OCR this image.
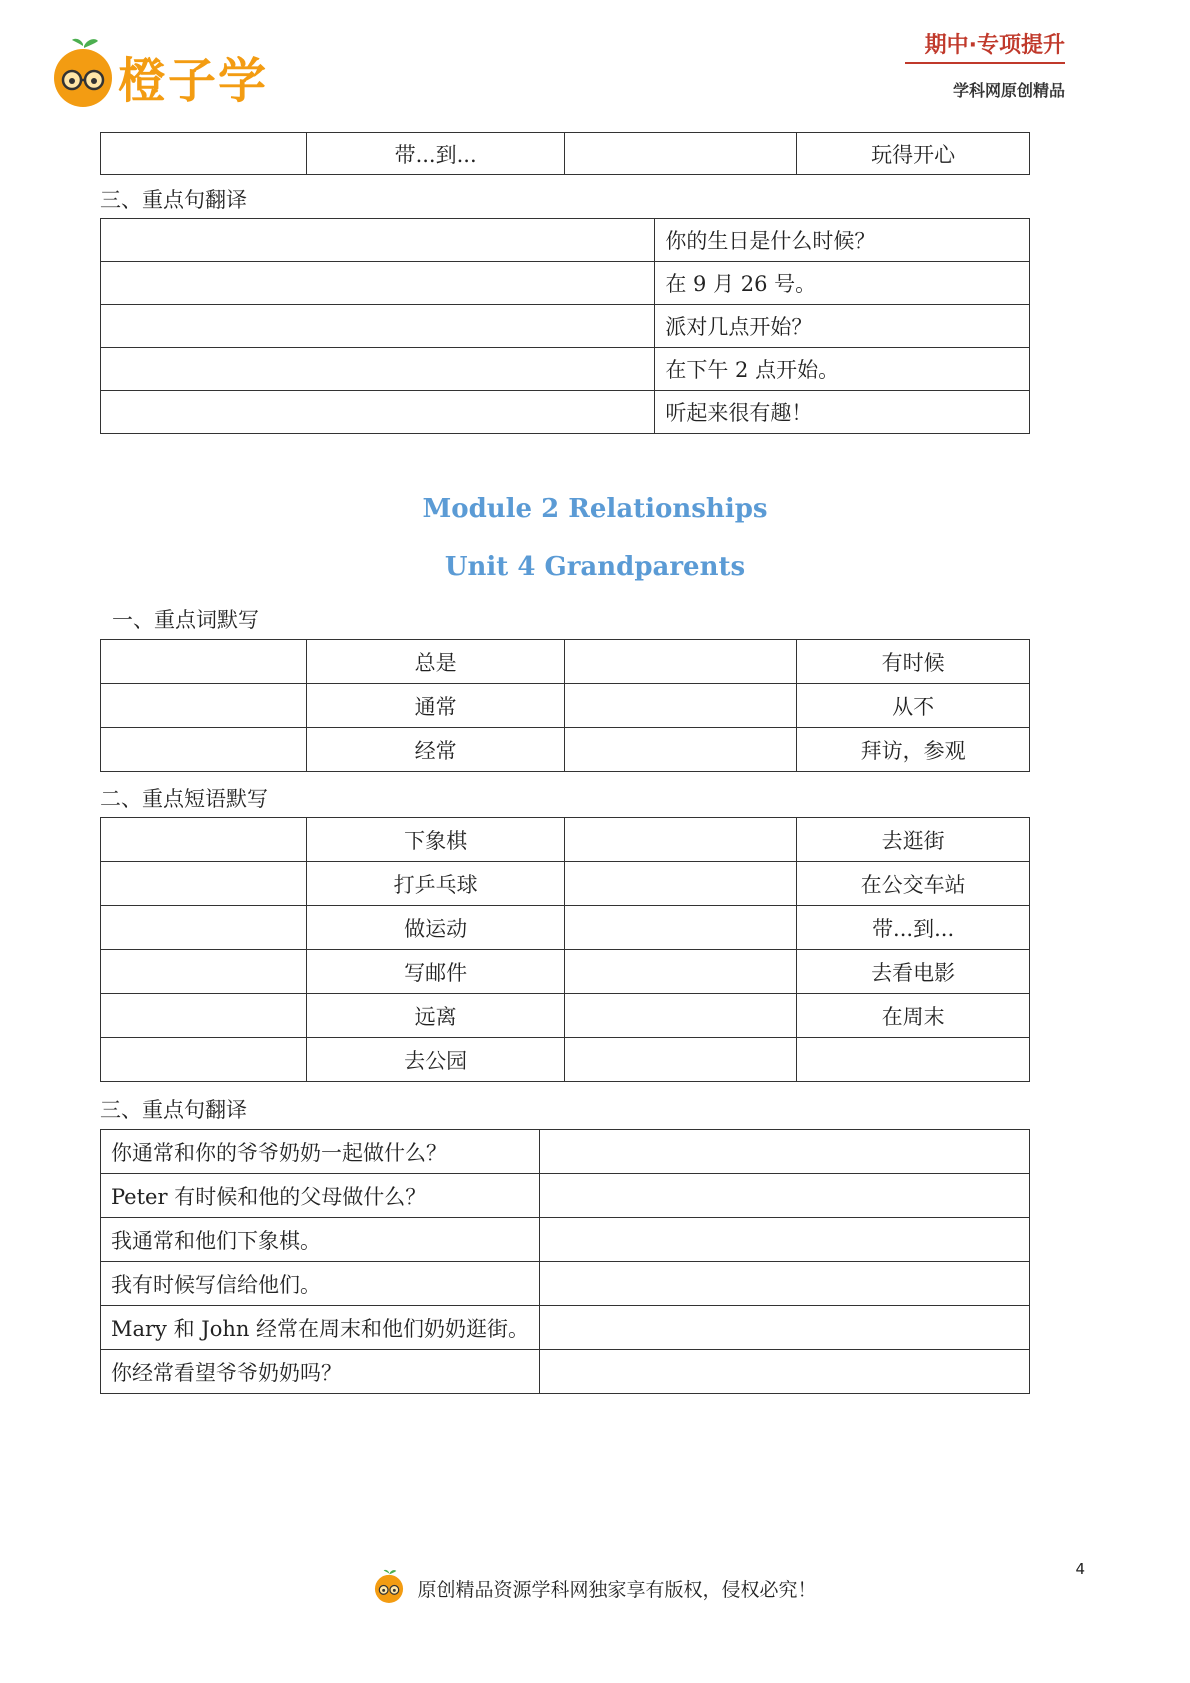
橙子学
期中·专项提升
学科网原创精品
	带...到...		玩得开心
三、重点句翻译
	你的生日是什么时候？
	在 9 月 26 号。
	派对几点开始？
	在下午 2 点开始。
	听起来很有趣！
Module 2 Relationships
Unit 4 Grandparents
一、重点词默写
	总是		有时候
	通常		从不
	经常		拜访，参观
二、重点短语默写
	下象棋		去逛街
	打乒乓球		在公交车站
	做运动		带...到...
	写邮件		去看电影
	远离		在周末
	去公园		
三、重点句翻译
你通常和你的爷爷奶奶一起做什么？	
Peter 有时候和他的父母做什么？	
我通常和他们下象棋。	
我有时候写信给他们。	
Mary 和 John 经常在周末和他们奶奶逛街。	
你经常看望爷爷奶奶吗？	
原创精品资源学科网独家享有版权，侵权必究！
4
